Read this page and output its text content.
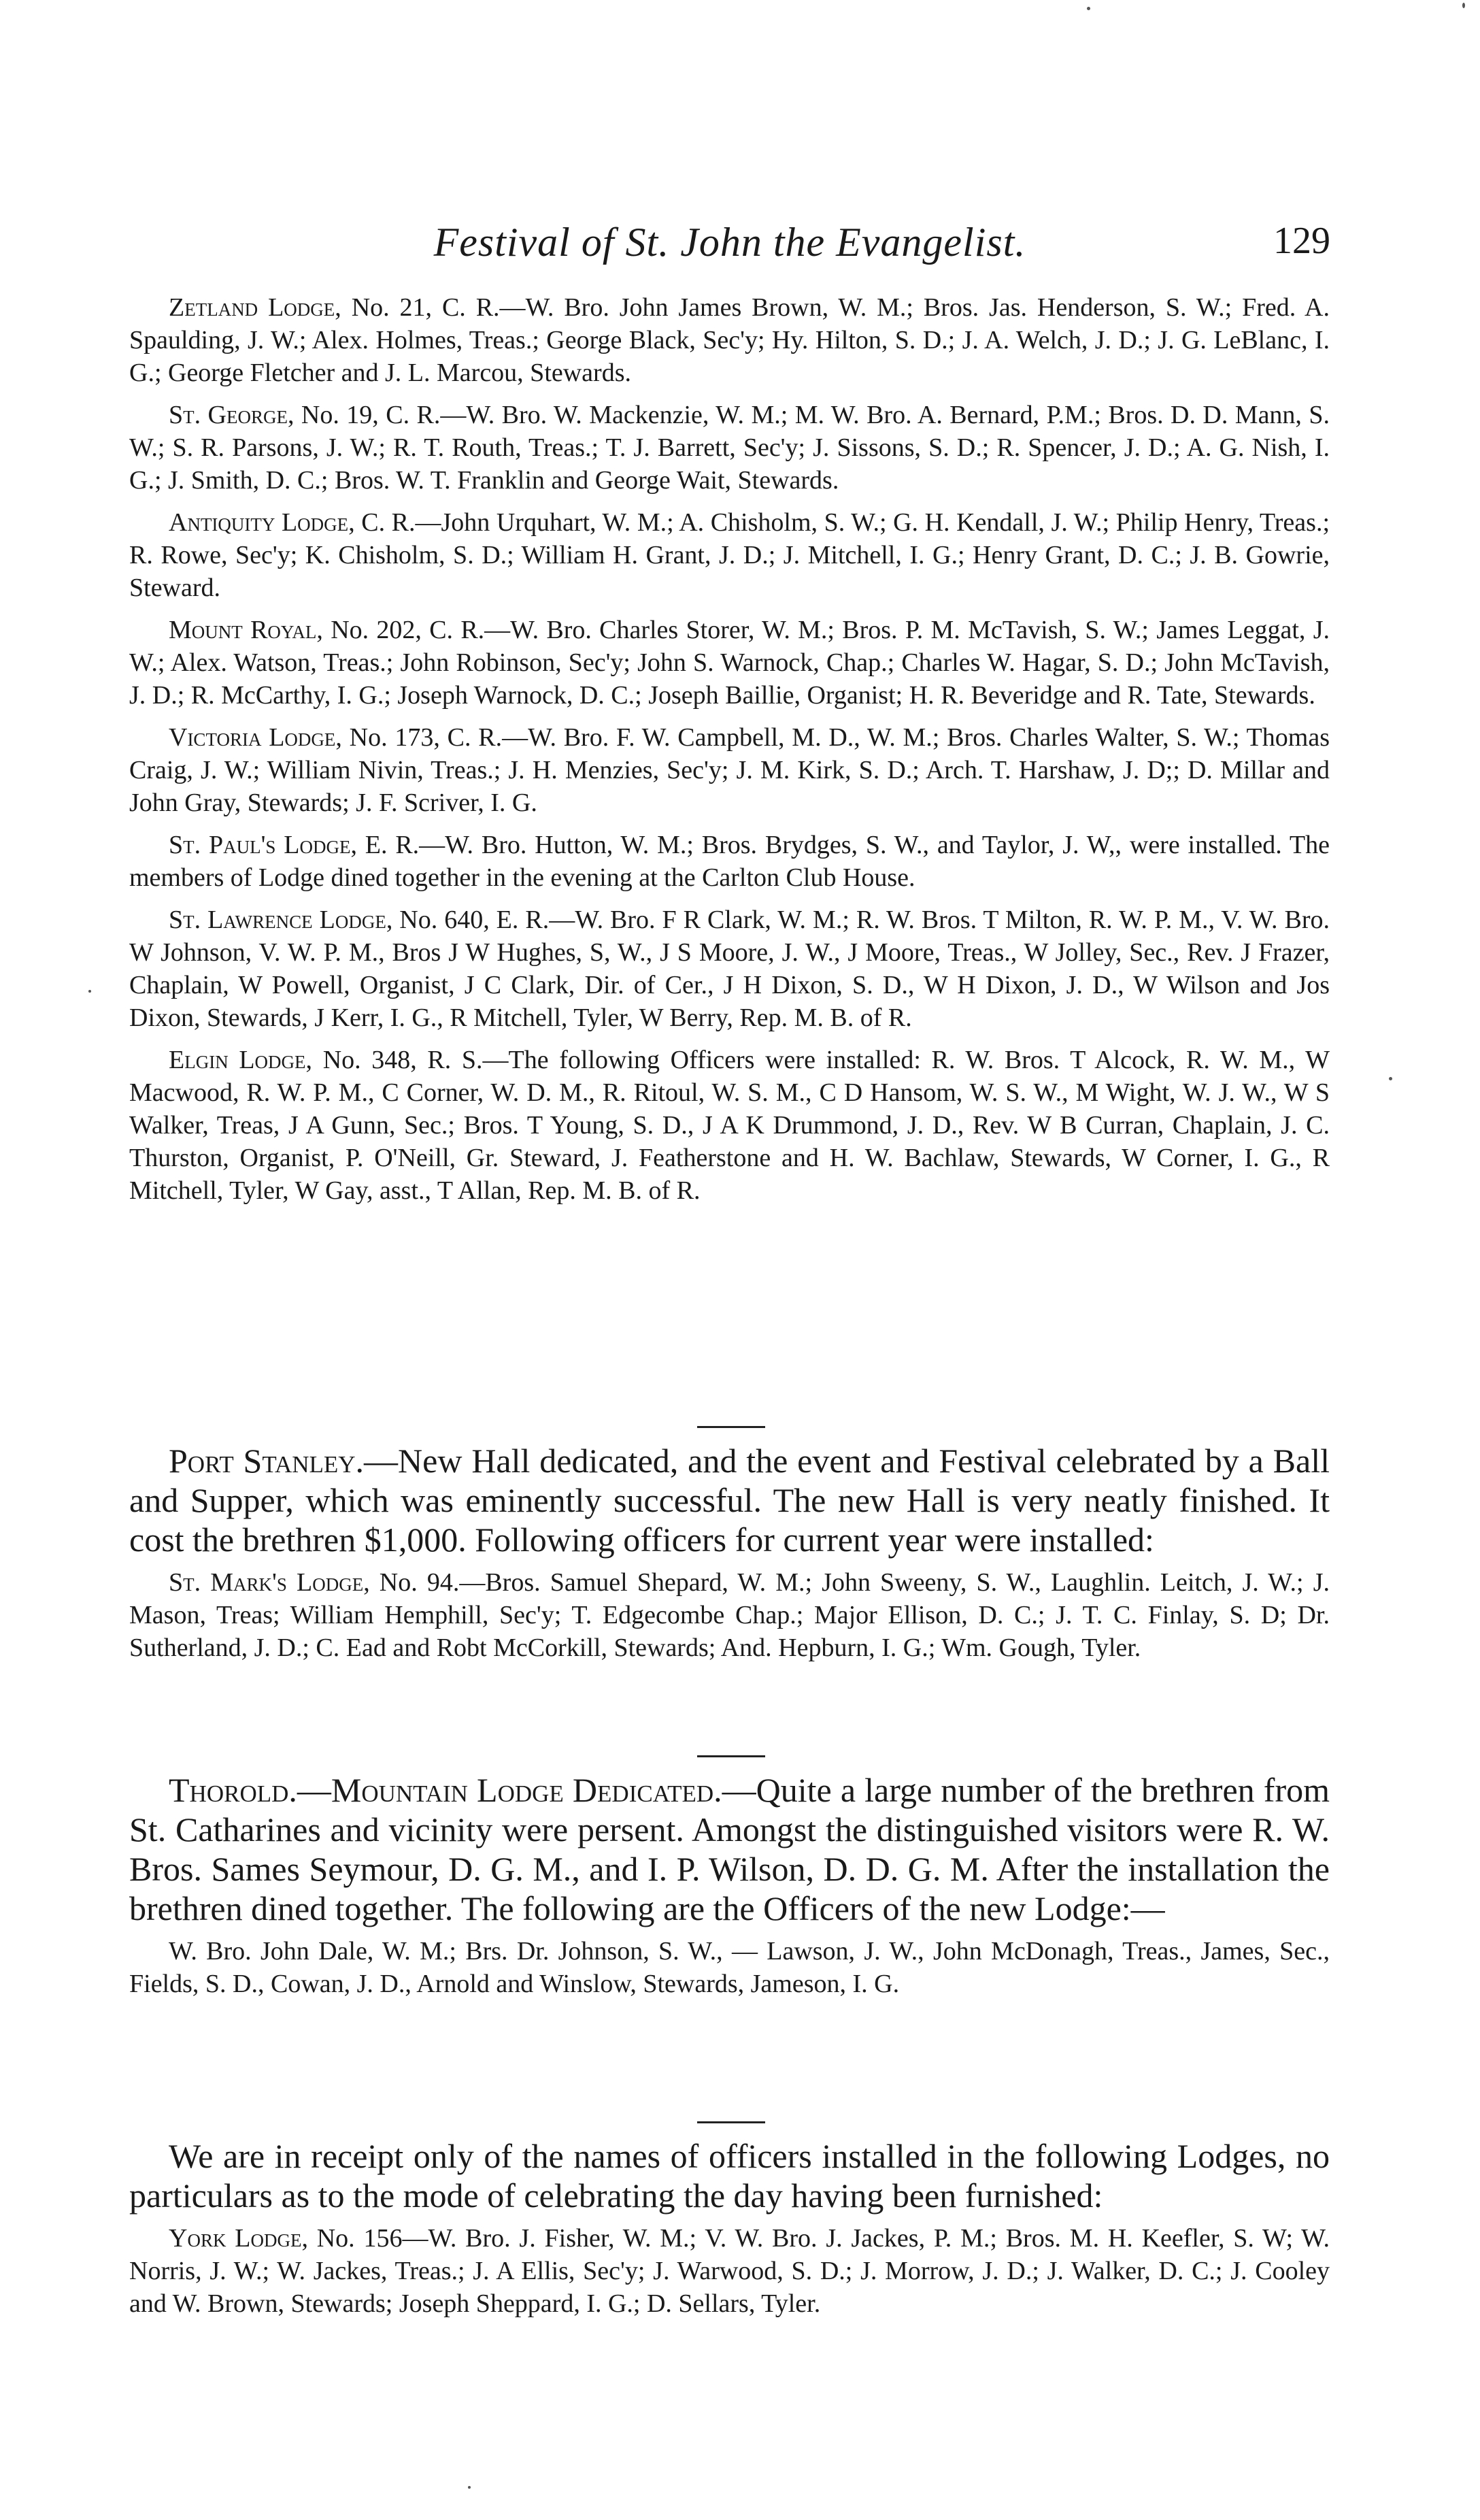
Festival of St. John the Evangelist.	129

Zetland Lodge, No. 21, C. R.—W. Bro. John James Brown, W. M.; Bros. Jas. Henderson, S. W.; Fred. A. Spaulding, J. W.; Alex. Holmes, Treas.; George Black, Sec'y; Hy. Hilton, S. D.; J. A. Welch, J. D.; J. G. LeBlanc, I. G.; George Fletcher and J. L. Marcou, Stewards.

St. George, No. 19, C. R.—W. Bro. W. Mackenzie, W. M.; M. W. Bro. A. Bernard, P.M.; Bros. D. D. Mann, S. W.; S. R. Parsons, J. W.; R. T. Routh, Treas.; T. J. Barrett, Sec'y; J. Sissons, S. D.; R. Spencer, J. D.; A. G. Nish, I. G.; J. Smith, D. C.; Bros. W. T. Franklin and George Wait, Stewards.

Antiquity Lodge, C. R.—John Urquhart, W. M.; A. Chisholm, S. W.; G. H. Kendall, J. W.; Philip Henry, Treas.; R. Rowe, Sec'y; K. Chisholm, S. D.; William H. Grant, J. D.; J. Mitchell, I. G.; Henry Grant, D. C.; J. B. Gowrie, Steward.

Mount Royal, No. 202, C. R.—W. Bro. Charles Storer, W. M.; Bros. P. M. McTavish, S. W.; James Leggat, J. W.; Alex. Watson, Treas.; John Robinson, Sec'y; John S. Warnock, Chap.; Charles W. Hagar, S. D.; John McTavish, J. D.; R. McCarthy, I. G.; Joseph Warnock, D. C.; Joseph Baillie, Organist; H. R. Beveridge and R. Tate, Stewards.

Victoria Lodge, No. 173, C. R.—W. Bro. F. W. Campbell, M. D., W. M.; Bros. Charles Walter, S. W.; Thomas Craig, J. W.; William Nivin, Treas.; J. H. Menzies, Sec'y; J. M. Kirk, S. D.; Arch. T. Harshaw, J. D;; D. Millar and John Gray, Stewards; J. F. Scriver, I. G.

St. Paul's Lodge, E. R.—W. Bro. Hutton, W. M.; Bros. Brydges, S. W., and Taylor, J. W,, were installed. The members of Lodge dined together in the evening at the Carlton Club House.

St. Lawrence Lodge, No. 640, E. R.—W. Bro. F R Clark, W. M.; R. W. Bros. T Milton, R. W. P. M., V. W. Bro. W Johnson, V. W. P. M., Bros J W Hughes, S, W., J S Moore, J. W., J Moore, Treas., W Jolley, Sec., Rev. J Frazer, Chaplain, W Powell, Organist, J C Clark, Dir. of Cer., J H Dixon, S. D., W H Dixon, J. D., W Wilson and Jos Dixon, Stewards, J Kerr, I. G., R Mitchell, Tyler, W Berry, Rep. M. B. of R.

Elgin Lodge, No. 348, R. S.—The following Officers were installed: R. W. Bros. T Alcock, R. W. M., W Macwood, R. W. P. M., C Corner, W. D. M., R. Ritoul, W. S. M., C D Hansom, W. S. W., M Wight, W. J. W., W S Walker, Treas, J A Gunn, Sec.; Bros. T Young, S. D., J A K Drummond, J. D., Rev. W B Curran, Chaplain, J. C. Thurston, Organist, P. O'Neill, Gr. Steward, J. Featherstone and H. W. Bachlaw, Stewards, W Corner, I. G., R Mitchell, Tyler, W Gay, asst., T Allan, Rep. M. B. of R.

Port Stanley.—New Hall dedicated, and the event and Festival celebrated by a Ball and Supper, which was eminently successful. The new Hall is very neatly finished. It cost the brethren $1,000. Following officers for current year were installed:

St. Mark's Lodge, No. 94.—Bros. Samuel Shepard, W. M.; John Sweeny, S. W., Laughlin. Leitch, J. W.; J. Mason, Treas; William Hemphill, Sec'y; T. Edgecombe Chap.; Major Ellison, D. C.; J. T. C. Finlay, S. D; Dr. Sutherland, J. D.; C. Ead and Robt McCorkill, Stewards; And. Hepburn, I. G.; Wm. Gough, Tyler.

Thorold.—Mountain Lodge Dedicated.—Quite a large number of the brethren from St. Catharines and vicinity were persent. Amongst the distinguished visitors were R. W. Bros. Sames Seymour, D. G. M., and I. P. Wilson, D. D. G. M. After the installation the brethren dined together. The following are the Officers of the new Lodge:—

W. Bro. John Dale, W. M.; Brs. Dr. Johnson, S. W., — Lawson, J. W., John McDonagh, Treas., James, Sec., Fields, S. D., Cowan, J. D., Arnold and Winslow, Stewards, Jameson, I. G.

We are in receipt only of the names of officers installed in the following Lodges, no particulars as to the mode of celebrating the day having been furnished:

York Lodge, No. 156—W. Bro. J. Fisher, W. M.; V. W. Bro. J. Jackes, P. M.; Bros. M. H. Keefler, S. W; W. Norris, J. W.; W. Jackes, Treas.; J. A Ellis, Sec'y; J. Warwood, S. D.; J. Morrow, J. D.; J. Walker, D. C.; J. Cooley and W. Brown, Stewards; Joseph Sheppard, I. G.; D. Sellars, Tyler.
